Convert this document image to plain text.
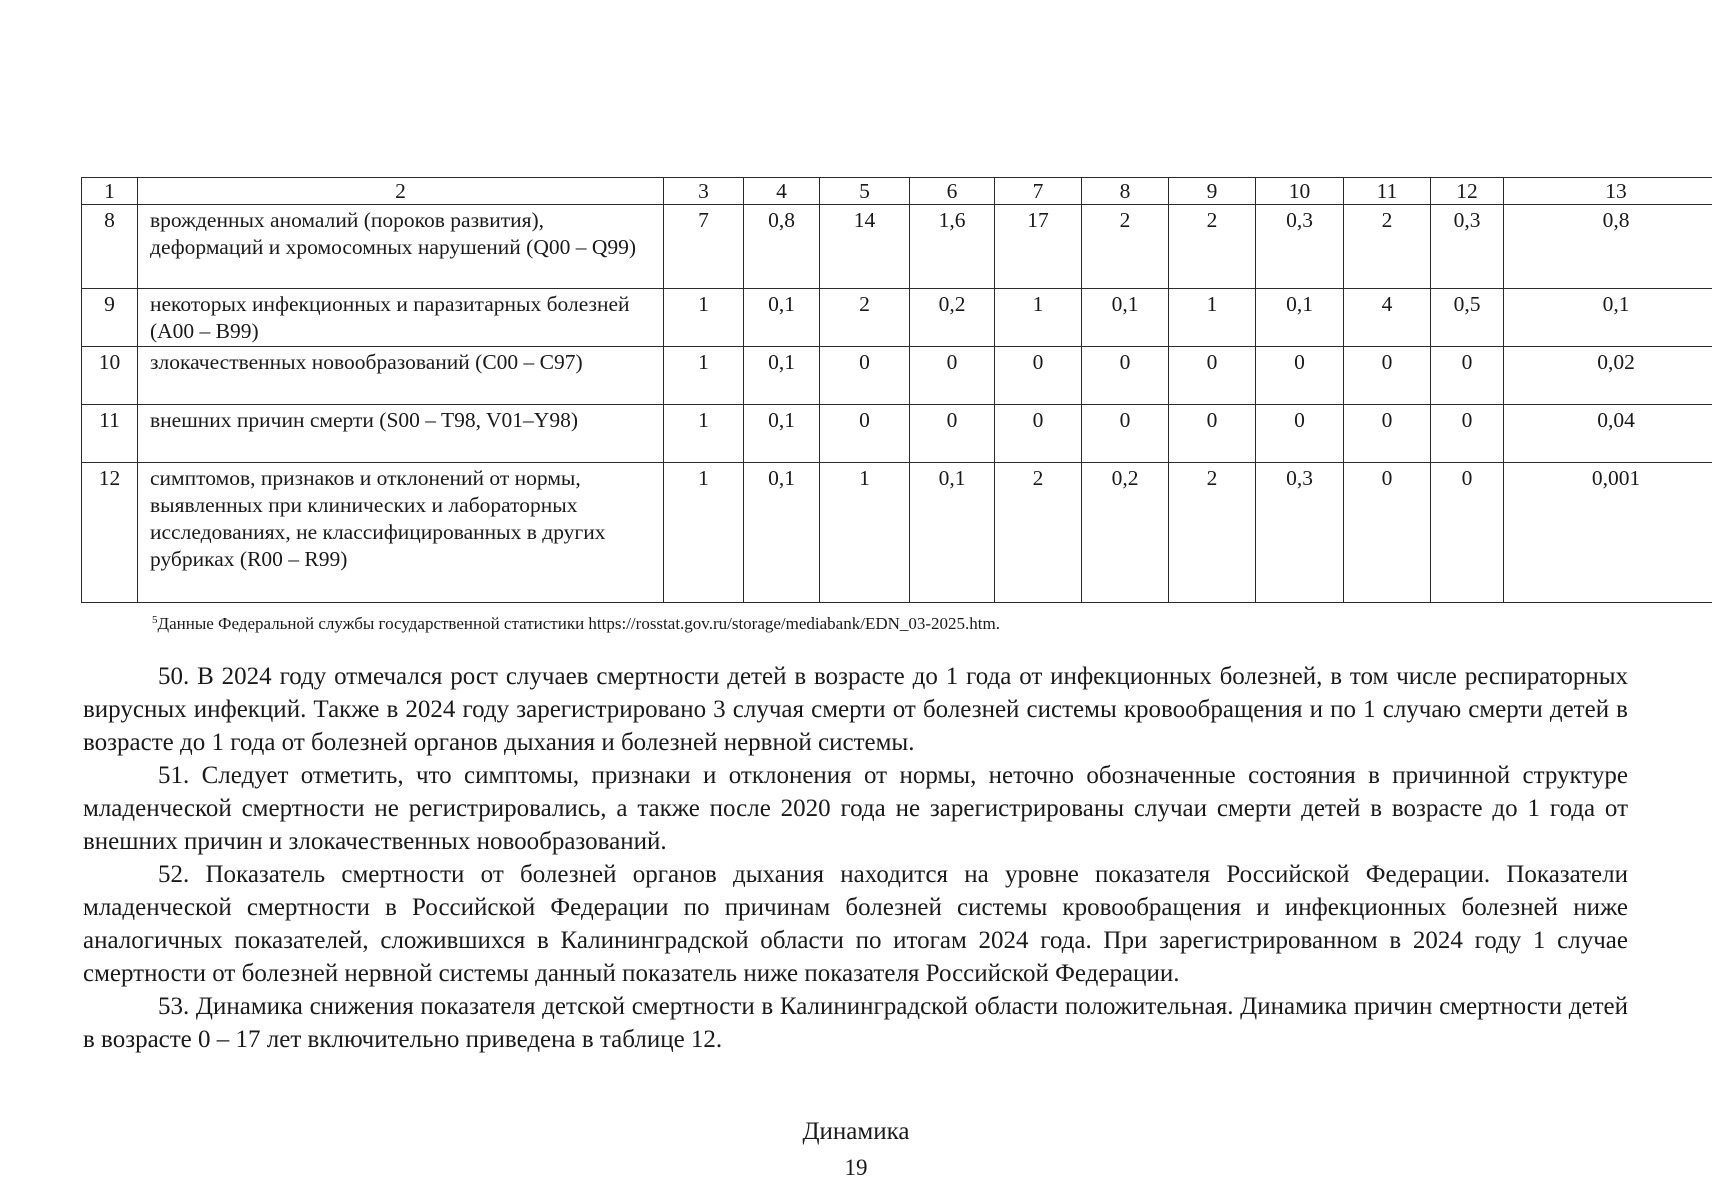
1	2	3	4	5	6	7	8	9	10	11	12	13
8	врожденных аномалий (пороков развития), деформаций и хромосомных нарушений (Q00 – Q99)	7	0,8	14	1,6	17	2	2	0,3	2	0,3	0,8
9	некоторых инфекционных и паразитарных болезней (A00 – B99)	1	0,1	2	0,2	1	0,1	1	0,1	4	0,5	0,1
10	злокачественных новообразований (C00 – C97)	1	0,1	0	0	0	0	0	0	0	0	0,02
11	внешних причин смерти (S00 – T98, V01–Y98)	1	0,1	0	0	0	0	0	0	0	0	0,04
12	симптомов, признаков и отклонений от нормы, выявленных при клинических и лабораторных исследованиях, не классифицированных в других рубриках (R00 – R99)	1	0,1	1	0,1	2	0,2	2	0,3	0	0	0,001
$^5$Данные Федеральной службы государственной статистики https://rosstat.gov.ru/storage/mediabank/EDN_03-2025.htm.

50. В 2024 году отмечался рост случаев смертности детей в возрасте до 1 года от инфекционных болезней, в том числе респираторных вирусных инфекций. Также в 2024 году зарегистрировано 3 случая смерти от болезней системы кровообращения и по 1 случаю смерти детей в возрасте до 1 года от болезней органов дыхания и болезней нервной системы.

51. Следует отметить, что симптомы, признаки и отклонения от нормы, неточно обозначенные состояния в причинной структуре младенческой смертности не регистрировались, а также после 2020 года не зарегистрированы случаи смерти детей в возрасте до 1 года от внешних причин и злокачественных новообразований.

52. Показатель смертности от болезней органов дыхания находится на уровне показателя Российской Федерации. Показатели младенческой смертности в Российской Федерации по причинам болезней системы кровообращения и инфекционных болезней ниже аналогичных показателей, сложившихся в Калининградской области по итогам 2024 года. При зарегистрированном в 2024 году 1 случае смертности от болезней нервной системы данный показатель ниже показателя Российской Федерации.

53. Динамика снижения показателя детской смертности в Калининградской области положительная. Динамика причин смертности детей в возрасте 0 – 17 лет включительно приведена в таблице 12.

Динамика
19
